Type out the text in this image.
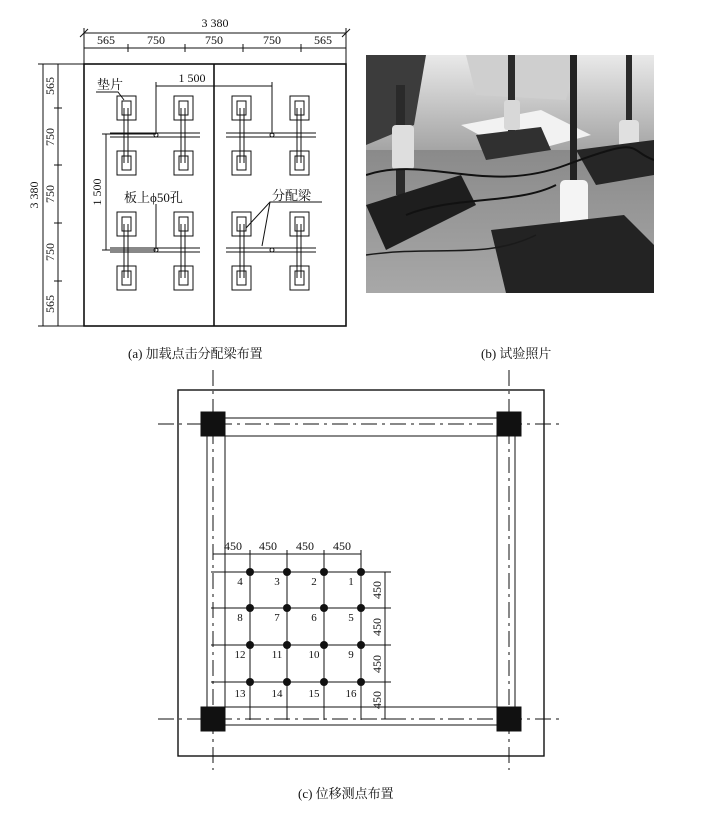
3 380
565	750	750	750	565
3 380
565
750
750
750
565
1 500
1 500
垫片
板上ϕ50孔	分配梁
450 450 450 450
450
450
450
450
4	3	2	1
8	7	6	5
12 11 10	9
13 14 15 16
(a) 加载点击分配梁布置	(b) 试验照片
(c) 位移测点布置
